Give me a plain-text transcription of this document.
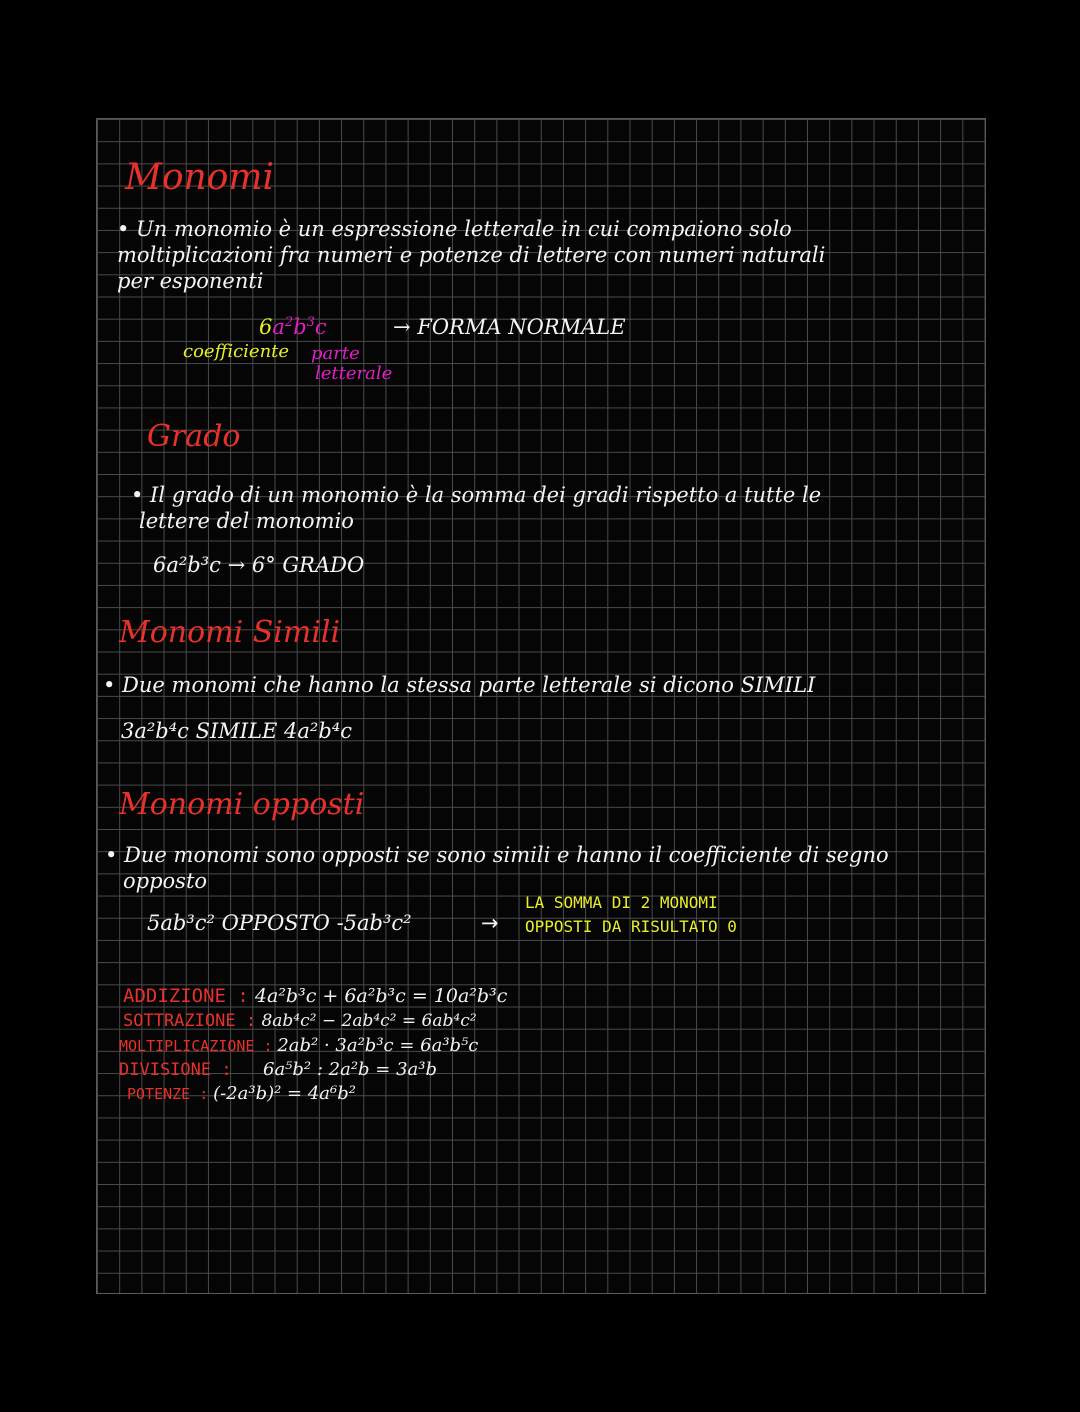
Monomi
• Un monomio è un espressione letterale in cui compaiono solo
moltiplicazioni fra numeri e potenze di lettere con numeri naturali
per esponenti
$6a^2b^3c$	→ FORMA NORMALE
coefficiente parte
letterale
Grado
• Il grado di un monomio è la somma dei gradi rispetto a tutte le
lettere del monomio
6a²b³c → 6° GRADO
Monomi Simili
• Due monomi che hanno la stessa parte letterale si dicono SIMILI
3a²b⁴c SIMILE 4a²b⁴c
Monomi opposti
• Due monomi sono opposti se sono simili e hanno il coefficiente di segno
opposto
5ab³c² OPPOSTO -5ab³c²	→
LA SOMMA DI 2 MONOMI
OPPOSTI DA RISULTATO 0
ADDIZIONE : 4a²b³c + 6a²b³c = 10a²b³c
SOTTRAZIONE : 8ab⁴c² − 2ab⁴c² = 6ab⁴c²
MOLTIPLICAZIONE : 2ab² · 3a²b³c = 6a³b⁵c
DIVISIONE : 6a⁵b² : 2a²b = 3a³b
POTENZE : (-2a³b)² = 4a⁶b²
